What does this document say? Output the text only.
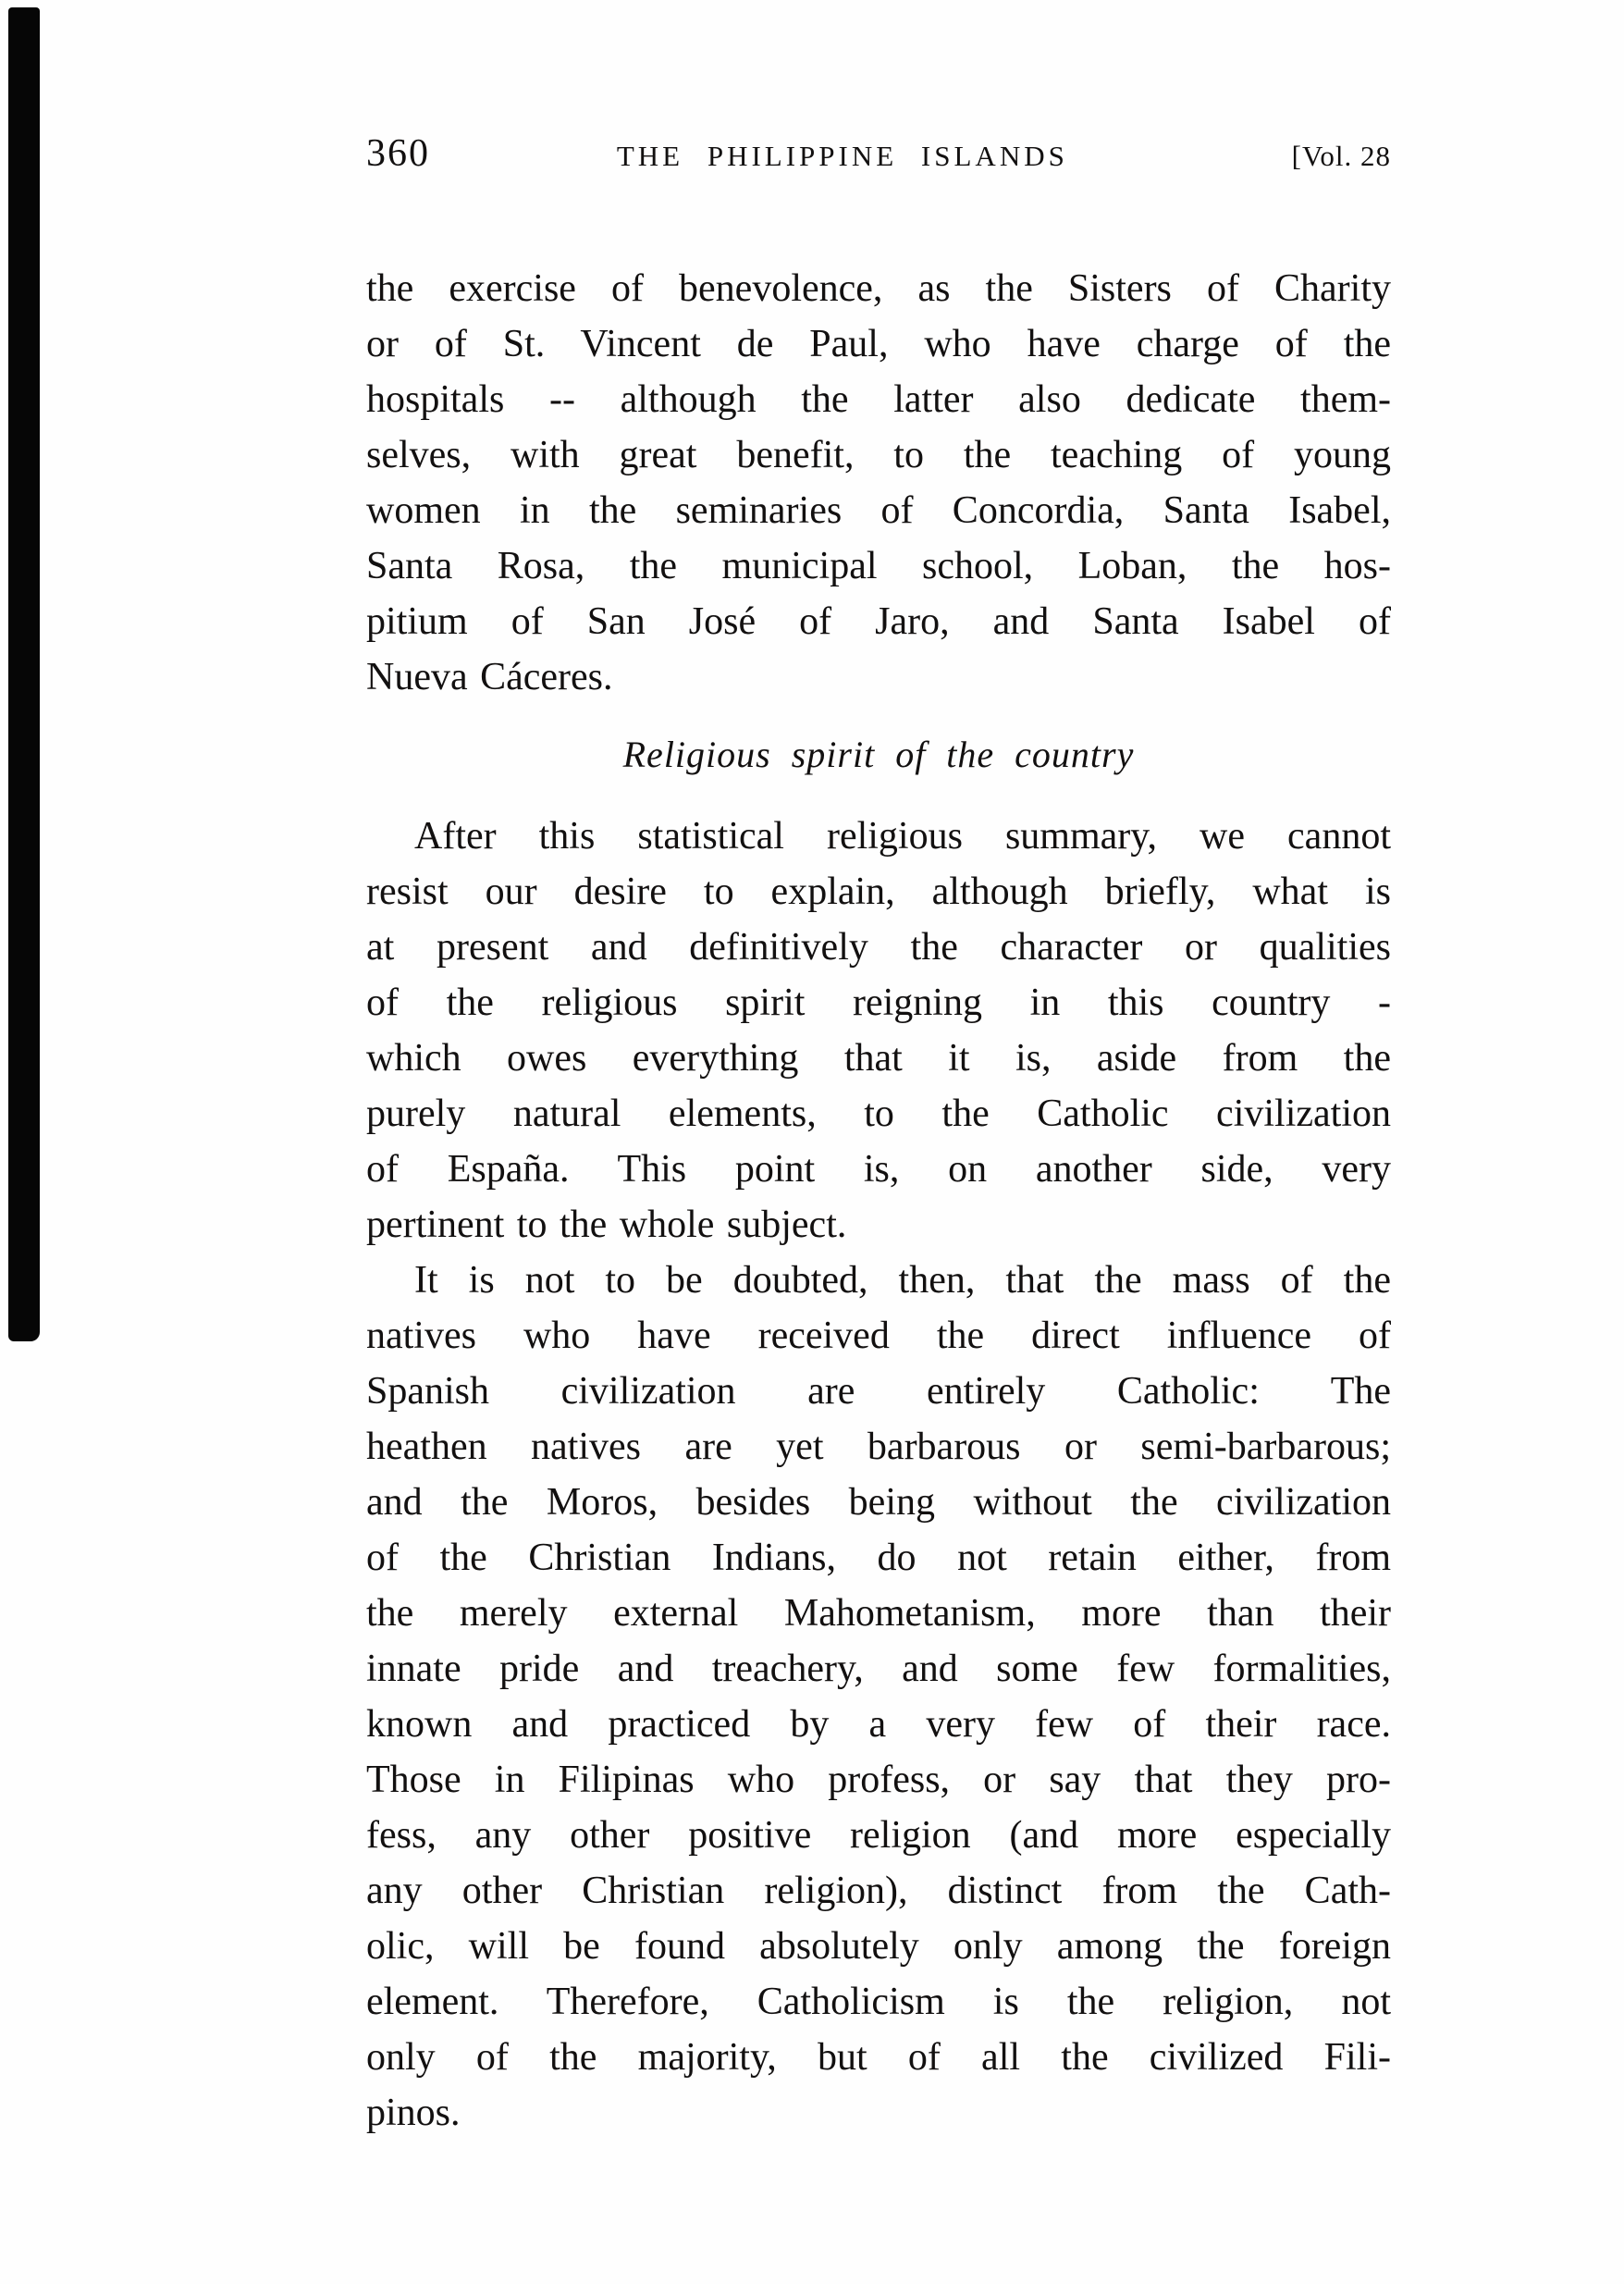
360	THE PHILIPPINE ISLANDS	[Vol. 28
the exercise of benevolence, as the Sisters of Charity
or of St. Vincent de Paul, who have charge of the
hospitals -- although the latter also dedicate them-
selves, with great benefit, to the teaching of young
women in the seminaries of Concordia, Santa Isabel,
Santa Rosa, the municipal school, Loban, the hos-
pitium of San José of Jaro, and Santa Isabel of
Nueva Cáceres.
Religious spirit of the country
After this statistical religious summary, we cannot
resist our desire to explain, although briefly, what is
at present and definitively the character or qualities
of the religious spirit reigning in this country -
which owes everything that it is, aside from the
purely natural elements, to the Catholic civilization
of España. This point is, on another side, very
pertinent to the whole subject.
It is not to be doubted, then, that the mass of the
natives who have received the direct influence of
Spanish civilization are entirely Catholic: The
heathen natives are yet barbarous or semi-barbarous;
and the Moros, besides being without the civilization
of the Christian Indians, do not retain either, from
the merely external Mahometanism, more than their
innate pride and treachery, and some few formalities,
known and practiced by a very few of their race.
Those in Filipinas who profess, or say that they pro-
fess, any other positive religion (and more especially
any other Christian religion), distinct from the Cath-
olic, will be found absolutely only among the foreign
element. Therefore, Catholicism is the religion, not
only of the majority, but of all the civilized Fili-
pinos.
